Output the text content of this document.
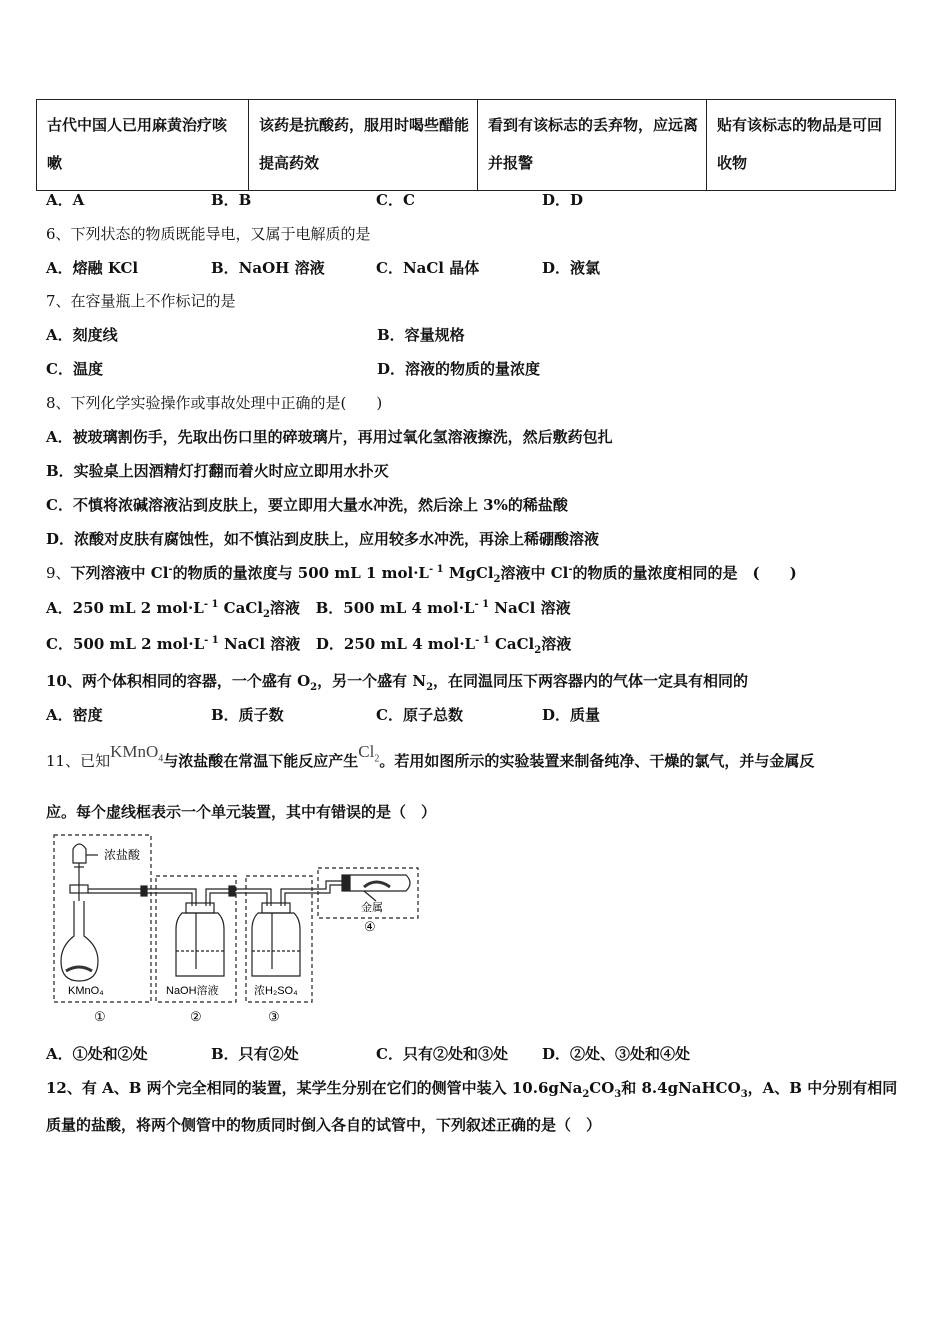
古代中国人已用麻黄治疗咳嗽	该药是抗酸药，服用时喝些醋能提高药效	看到有该标志的丢弃物，应远离并报警	贴有该标志的物品是可回收物
A．A	B．B	C．C	D．D
6、下列状态的物质既能导电，又属于电解质的是
A．熔融 KCl	B．NaOH 溶液	C．NaCl 晶体	D．液氯
7、在容量瓶上不作标记的是
A．刻度线	B．容量规格
C．温度	D．溶液的物质的量浓度
8、下列化学实验操作或事故处理中正确的是(　　)
A．被玻璃割伤手，先取出伤口里的碎玻璃片，再用过氧化氢溶液擦洗，然后敷药包扎
B．实验桌上因酒精灯打翻而着火时应立即用水扑灭
C．不慎将浓碱溶液沾到皮肤上，要立即用大量水冲洗，然后涂上 3%的稀盐酸
D．浓酸对皮肤有腐蚀性，如不慎沾到皮肤上，应用较多水冲洗，再涂上稀硼酸溶液
9、下列溶液中 Cl-的物质的量浓度与 500 mL 1 $mol\cdot L^{- 1}$ MgCl$_2$溶液中 Cl-的物质的量浓度相同的是　(　　)
A．250 mL 2 $mol\cdot L^{- 1}$ CaCl$_2$溶液 B．500 mL 4 $mol\cdot L^{- 1}$ NaCl 溶液
C．500 mL 2 $mol\cdot L^{- 1}$ NaCl 溶液 D．250 mL 4 $mol\cdot L^{- 1}$ CaCl$_2$溶液
10、两个体积相同的容器，一个盛有 $O_2$，另一个盛有 $N_2$，在同温同压下两容器内的气体一定具有相同的
A．密度	B．质子数	C．原子总数	D．质量
11、已知KMnO$_4$与浓盐酸在常温下能反应产生$Cl_2$。若用如图所示的实验装置来制备纯净、干燥的氯气，并与金属反
应。每个虚线框表示一个单元装置，其中有错误的是（　）
浓盐酸
KMnO₄	NaOH溶液	浓H₂SO₄
金属
①	②	③
④
A．①处和②处	B．只有②处	C．只有②处和③处 D．②处、③处和④处
12、有 A、B 两个完全相同的装置，某学生分别在它们的侧管中装入 $10.6gNa_2CO_3$和 8.4gNaHCO$_3$，A、B 中分别有相同
质量的盐酸，将两个侧管中的物质同时倒入各自的试管中，下列叙述正确的是（　）
